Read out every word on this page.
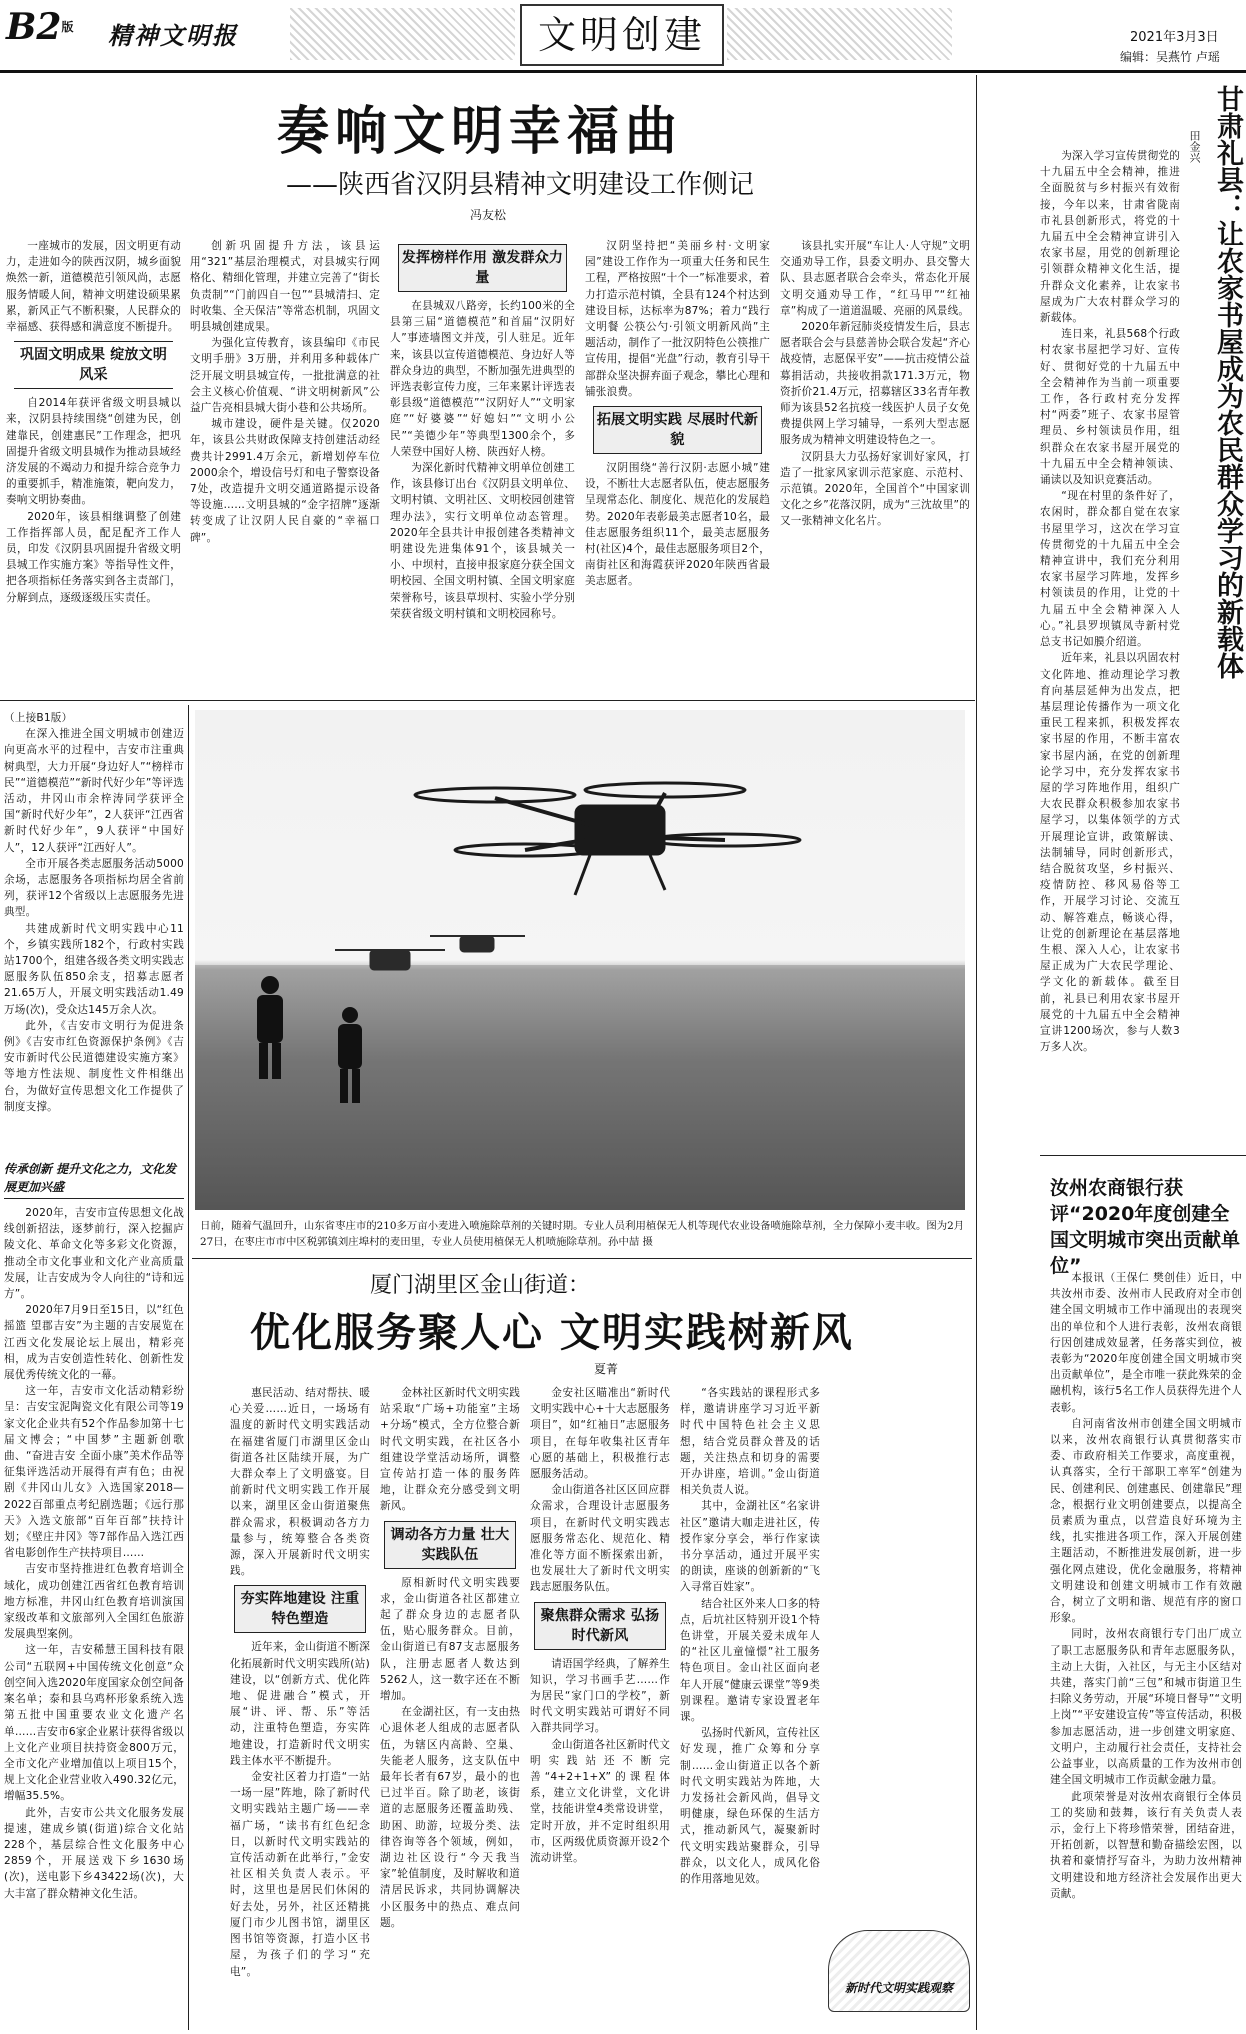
$B2^版$ 精神文明报	文明创建	2021年3月3日
编辑：吴燕竹 卢瑶
奏响文明幸福曲
——陕西省汉阴县精神文明建设工作侧记
冯友松

一座城市的发展，因文明更有动力，走进如今的陕西汉阴，城乡面貌焕然一新，道德模范引领风尚，志愿服务情暖人间，精神文明建设硕果累累，新风正气不断积聚，人民群众的幸福感、获得感和满意度不断提升。

巩固文明成果 绽放文明风采

自2014年获评省级文明县城以来，汉阴县持续围绕“创建为民，创建靠民，创建惠民”工作理念，把巩固提升省级文明县城作为推动县域经济发展的不竭动力和提升综合竞争力的重要抓手，精准施策，靶向发力，奏响文明协奏曲。

2020年，该县相继调整了创建工作指挥部人员，配足配齐工作人员，印发《汉阴县巩固提升省级文明县城工作实施方案》等指导性文件，把各项指标任务落实到各主责部门，分解到点，逐级逐级压实责任。

创新巩固提升方法，该县运用“321”基层治理模式，对县城实行网格化、精细化管理，并建立完善了“街长负责制”“门前四自一包”“县城清扫、定时收集、全天保洁”等常态机制，巩固文明县城创建成果。

为强化宣传教育，该县编印《市民文明手册》3万册，并利用多种载体广泛开展文明县城宣传，一批批满意的社会主义核心价值观、“讲文明树新风”公益广告亮相县城大街小巷和公共场所。

城市建设，硬件是关键。仅2020年，该县公共财政保障支持创建活动经费共计2991.4万余元，新增划停车位2000余个，增设信号灯和电子警察设备7处，改造提升文明交通道路提示设备等设施……文明县城的“金字招牌”逐渐转变成了让汉阴人民自豪的“幸福口碑”。

发挥榜样作用 激发群众力量

在县城双八路旁，长约100米的全县第三届“道德模范”和首届“汉阴好人”事迹墙图文并茂，引人驻足。近年来，该县以宣传道德模范、身边好人等群众身边的典型，不断加强先进典型的评选表彰宣传力度，三年来累计评选表彰县级“道德模范”“汉阴好人”“文明家庭”“好婆婆”“好媳妇”“文明小公民”“美德少年”等典型1300余个，多人荣登中国好人榜、陕西好人榜。

为深化新时代精神文明单位创建工作，该县修订出台《汉阴县文明单位、文明村镇、文明社区、文明校园创建管理办法》，实行文明单位动态管理。2020年全县共计申报创建各类精神文明建设先进集体91个，该县城关一小、中坝村，直接申报家庭分获全国文明校园、全国文明村镇、全国文明家庭荣誉称号，该县草坝村、实验小学分别荣获省级文明村镇和文明校园称号。

汉阴坚持把“美丽乡村·文明家园”建设工作作为一项重大任务和民生工程，严格按照“十个一”标准要求，着力打造示范村镇，全县有124个村达到建设目标，达标率为87%；着力“践行文明餐 公筷公勺·引领文明新风尚”主题活动，制作了一批汉阴特色公筷推广宣传用，提倡“光盘”行动，教育引导干部群众坚决摒弃面子观念，攀比心理和铺张浪费。

拓展文明实践 尽展时代新貌

汉阴围绕“善行汉阴·志愿小城”建设，不断壮大志愿者队伍，使志愿服务呈现常态化、制度化、规范化的发展趋势。2020年表彰最美志愿者10名，最佳志愿服务组织11个，最美志愿服务村(社区)4个，最佳志愿服务项目2个，南街社区和海霞获评2020年陕西省最美志愿者。

该县扎实开展“车让人·人守规”文明交通劝导工作，县委文明办、县交警大队、县志愿者联合会牵头，常态化开展文明交通劝导工作，“红马甲”“红袖章”构成了一道道温暖、亮丽的风景线。

2020年新冠肺炎疫情发生后，县志愿者联合会与县慈善协会联合发起“齐心战疫情，志愿保平安”——抗击疫情公益募捐活动，共接收捐款171.3万元，物资折价21.4万元，招募辖区33名青年教师为该县52名抗疫一线医护人员子女免费提供网上学习辅导，一系列大型志愿服务成为精神文明建设特色之一。

汉阴县大力弘扬好家训好家风，打造了一批家风家训示范家庭、示范村、示范镇。2020年，全国首个“中国家训文化之乡”花落汉阴，成为“三沈故里”的又一张精神文化名片。	甘肃礼县：让农家书屋成为农民群众学习的新载体
田金兴

为深入学习宣传贯彻党的十九届五中全会精神，推进全面脱贫与乡村振兴有效衔接，今年以来，甘肃省陇南市礼县创新形式，将党的十九届五中全会精神宣讲引入农家书屋，用党的创新理论引领群众精神文化生活，提升群众文化素养，让农家书屋成为广大农村群众学习的新载体。

连日来，礼县568个行政村农家书屋把学习好、宣传好、贯彻好党的十九届五中全会精神作为当前一项重要工作，各行政村充分发挥村“两委”班子、农家书屋管理员、乡村领读员作用，组织群众在农家书屋开展党的十九届五中全会精神领读、诵读以及知识竞赛活动。

“现在村里的条件好了，农闲时，群众都自觉在农家书屋里学习，这次在学习宣传贯彻党的十九届五中全会精神宣讲中，我们充分利用农家书屋学习阵地，发挥乡村领读员的作用，让党的十九届五中全会精神深入人心。”礼县罗坝镇凤寺新村党总支书记如膜介绍道。

近年来，礼县以巩固农村文化阵地、推动理论学习教育向基层延伸为出发点，把基层理论传播作为一项文化重民工程来抓，积极发挥农家书屋的作用，不断丰富农家书屋内涵，在党的创新理论学习中，充分发挥农家书屋的学习阵地作用，组织广大农民群众积极参加农家书屋学习，以集体领学的方式开展理论宣讲，政策解读、法制辅导，同时创新形式，结合脱贫攻坚，乡村振兴、疫情防控、移风易俗等工作，开展学习讨论、交流互动、解答难点，畅谈心得，让党的创新理论在基层落地生根、深入人心，让农家书屋正成为广大农民学理论、学文化的新载体。截至目前，礼县已利用农家书屋开展党的十九届五中全会精神宣讲1200场次，参与人数3万多人次。

汝州农商银行获评“2020年度创建全国文明城市突出贡献单位”

本报讯（王保仁 樊创佳）近日，中共汝州市委、汝州市人民政府对全市创建全国文明城市工作中涌现出的表现突出的单位和个人进行表彰，汝州农商银行因创建成效显著，任务落实到位，被表彰为“2020年度创建全国文明城市突出贡献单位”，是全市唯一获此殊荣的金融机构，该行5名工作人员获得先进个人表彰。

自河南省汝州市创建全国文明城市以来，汝州农商银行认真贯彻落实市委、市政府相关工作要求，高度重视，认真落实，全行干部职工率军“创建为民、创建利民、创建惠民、创建靠民”理念，根据行业文明创建要点，以提高全员素质为重点，以营造良好环境为主线，扎实推进各项工作，深入开展创建主题活动，不断推进发展创新，进一步强化网点建设，优化金融服务，将精神文明建设和创建文明城市工作有效融合，树立了文明和谐、规范有序的窗口形象。

同时，汝州农商银行专门出厂成立了职工志愿服务队和青年志愿服务队，主动上大街，入社区，与无主小区结对共建，落实门前“三包”和城市街道卫生扫除义务劳动，开展“环境日督导”“文明上岗”“平安建设宣传”等宣传活动，积极参加志愿活动，进一步创建文明家庭、文明户，主动履行社会责任，支持社会公益事业，以高质量的工作为汝州市创建全国文明城市工作贡献金融力量。

此项荣誉是对汝州农商银行全体员工的奖励和鼓舞，该行有关负责人表示，金行上下将珍惜荣誉，团结奋进，开拓创新，以智慧和勤奋描绘宏图，以执着和豪情抒写奋斗，为助力汝州精神文明建设和地方经济社会发展作出更大贡献。

（上接B1版）

在深入推进全国文明城市创建迈向更高水平的过程中，吉安市注重典树典型，大力开展“身边好人”“榜样市民”“道德模范”“新时代好少年”等评选活动，井冈山市余梓涛同学获评全国“新时代好少年”，2人获评“江西省新时代好少年”，9人获评“中国好人”，12人获评“江西好人”。

全市开展各类志愿服务活动5000余场，志愿服务各项指标均居全省前列，获评12个省级以上志愿服务先进典型。

共建成新时代文明实践中心11个，乡镇实践所182个，行政村实践站1700个，组建各级各类文明实践志愿服务队伍850余支，招募志愿者21.65万人，开展文明实践活动1.49万场(次)，受众达145万余人次。

此外，《吉安市文明行为促进条例》《吉安市红色资源保护条例》《吉安市新时代公民道德建设实施方案》等地方性法规、制度性文件相继出台，为做好宣传思想文化工作提供了制度支撑。

传承创新 提升文化之力，文化发展更加兴盛

2020年，吉安市宣传思想文化战线创新招法，逐梦前行，深入挖掘庐陵文化、革命文化等多彩文化资源，推动全市文化事业和文化产业高质量发展，让吉安成为令人向往的“诗和远方”。

2020年7月9日至15日，以“红色摇篮 望郡吉安”为主题的吉安展览在江西文化发展论坛上展出，精彩亮相，成为吉安创造性转化、创新性发展优秀传统文化的一幕。

这一年，吉安市文化活动精彩纷呈：吉安宝泥陶瓷文化有限公司等19家文化企业共有52个作品参加第十七届文博会；“中国梦”主题新创歌曲、“奋进吉安 全面小康”美术作品等征集评选活动开展得有声有色；由祝剧《井冈山儿女》入选国家2018—2022百部重点考纪剧选题；《远行那天》入选文旅部“百年百部”扶持计划；《壁庄井冈》等7部作品入选江西省电影创作生产扶持项目……

吉安市坚持推进红色教育培训全域化，成功创建江西省红色教育培训地方标准，井冈山红色教育培训演国家级改革和文旅部列入全国红色旅游发展典型案例。

这一年，吉安稀慧王国科技有限公司“五联网+中国传统文化创意”众创空间入选2020年度国家众创空间备案名单；泰和县乌鸡杯形象系统入选第五批中国重要农业文化遗产名单……吉安市6家企业累计获得省级以上文化产业项目扶持资金800万元，全市文化产业增加值以上项目15个，规上文化企业营业收入490.32亿元，增幅35.5%。

此外，吉安市公共文化服务发展提速，建成乡镇(街道)综合文化站228个，基层综合性文化服务中心2859个，开展送戏下乡1630场(次)，送电影下乡43422场(次)，大大丰富了群众精神文化生活。

日前，随着气温回升，山东省枣庄市的210多万亩小麦进入喷施除草剂的关键时期。专业人员利用植保无人机等现代农业设备喷施除草剂，全力保障小麦丰收。图为2月27日，在枣庄市市中区税郭镇刘庄埠村的麦田里，专业人员使用植保无人机喷施除草剂。孙中喆 摄
厦门湖里区金山街道：
优化服务聚人心 文明实践树新风
夏菁

惠民活动、结对帮扶、暖心关爱……近日，一场场有温度的新时代文明实践活动在福建省厦门市湖里区金山街道各社区陆续开展，为广大群众奉上了文明盛宴。目前新时代文明实践工作开展以来，湖里区金山街道聚焦群众需求，积极调动各方力量参与，统筹整合各类资源，深入开展新时代文明实践。

夯实阵地建设 注重特色塑造

近年来，金山街道不断深化拓展新时代文明实践所(站)建设，以“创新方式、优化阵地、促进融合”模式，开展“讲、评、帮、乐”等活动，注重特色塑造，夯实阵地建设，打造新时代文明实践主体水平不断提升。

金安社区着力打造“一站一场一屋”阵地，除了新时代文明实践站主题广场——幸福广场，“读书有红色纪念日，以新时代文明实践站的宣传活动新在此举行，”金安社区相关负责人表示。平时，这里也是居民们休闲的好去处，另外，社区还精挑厦门市少儿图书馆，湖里区图书馆等资源，打造小区书屋，为孩子们的学习“充电”。

金林社区新时代文明实践站采取“广场+功能室”主场+分场“模式，全方位整合新时代文明实践，在社区各小组建设学堂活动场所，调整宣传站打造一体的服务阵地，让群众充分感受到文明新风。

调动各方力量 壮大实践队伍

原相新时代文明实践要求，金山街道各社区都建立起了群众身边的志愿者队伍，贴心服务群众。目前，金山街道已有87支志愿服务队，注册志愿者人数达到5262人，这一数字还在不断增加。

在金湖社区，有一支由热心退休老人组成的志愿者队伍，为辖区内高龄、空巢、失能老人服务，这支队伍中最年长者有67岁，最小的也已过半百。除了助老，该街道的志愿服务还覆盖助残、助困、助游，垃圾分类、法律咨询等各个领域，例如，湖边社区设行“今天我当家”轮值制度，及时解收和道清居民诉求，共同协调解决小区服务中的热点、难点问题。

金安社区瞄准出“新时代文明实践中心+十大志愿服务项目”，如“红袖日”志愿服务项目，在每年收集社区青年心愿的基础上，积极推行志愿服务活动。

金山街道各社区区回应群众需求，合理设计志愿服务项目，在新时代文明实践志愿服务常态化、规范化、精准化等方面不断探索出新，也发展壮大了新时代文明实践志愿服务队伍。

聚焦群众需求 弘扬时代新风

请语国学经典，了解养生知识，学习书画手艺……作为居民“家门口的学校”，新时代文明实践站可谓好不同入群共同学习。

金山街道各社区新时代文明实践站还不断完善“4+2+1+X”的课程体系，建立文化讲堂，文化讲堂，技能讲堂4类常设讲堂，定时开放，并不定时组织用市，区两级优质资源开设2个流动讲堂。

“各实践站的课程形式多样，邀请讲座学习习近平新时代中国特色社会主义思想，结合党员群众普及的话题，关注热点和切身的需要开办讲座，培训。”金山街道相关负责人说。

其中，金湖社区“名家讲社区”邀请大咖走进社区，传授作家分享会，举行作家读书分享活动，通过开展平实的朗读，座谈的创新新的“飞入寻常百姓家”。

结合社区外来人口多的特点，后坑社区特别开设1个特色讲堂，开展关爱未成年人的“社区儿童憧憬”社工服务特色项目。金山社区面向老年人开展“健康云课堂”等9类别课程。邀请专家设置老年课。

弘扬时代新风，宣传社区好发现，推广众筹和分享制……金山街道正以各个新时代文明实践站为阵地，大力发扬社会新风尚，倡导文明健康，绿色环保的生活方式，推动新风气，凝聚新时代文明实践站聚群众，引导群众，以文化人，成风化俗的作用落地见效。

新时代文明实践观察
